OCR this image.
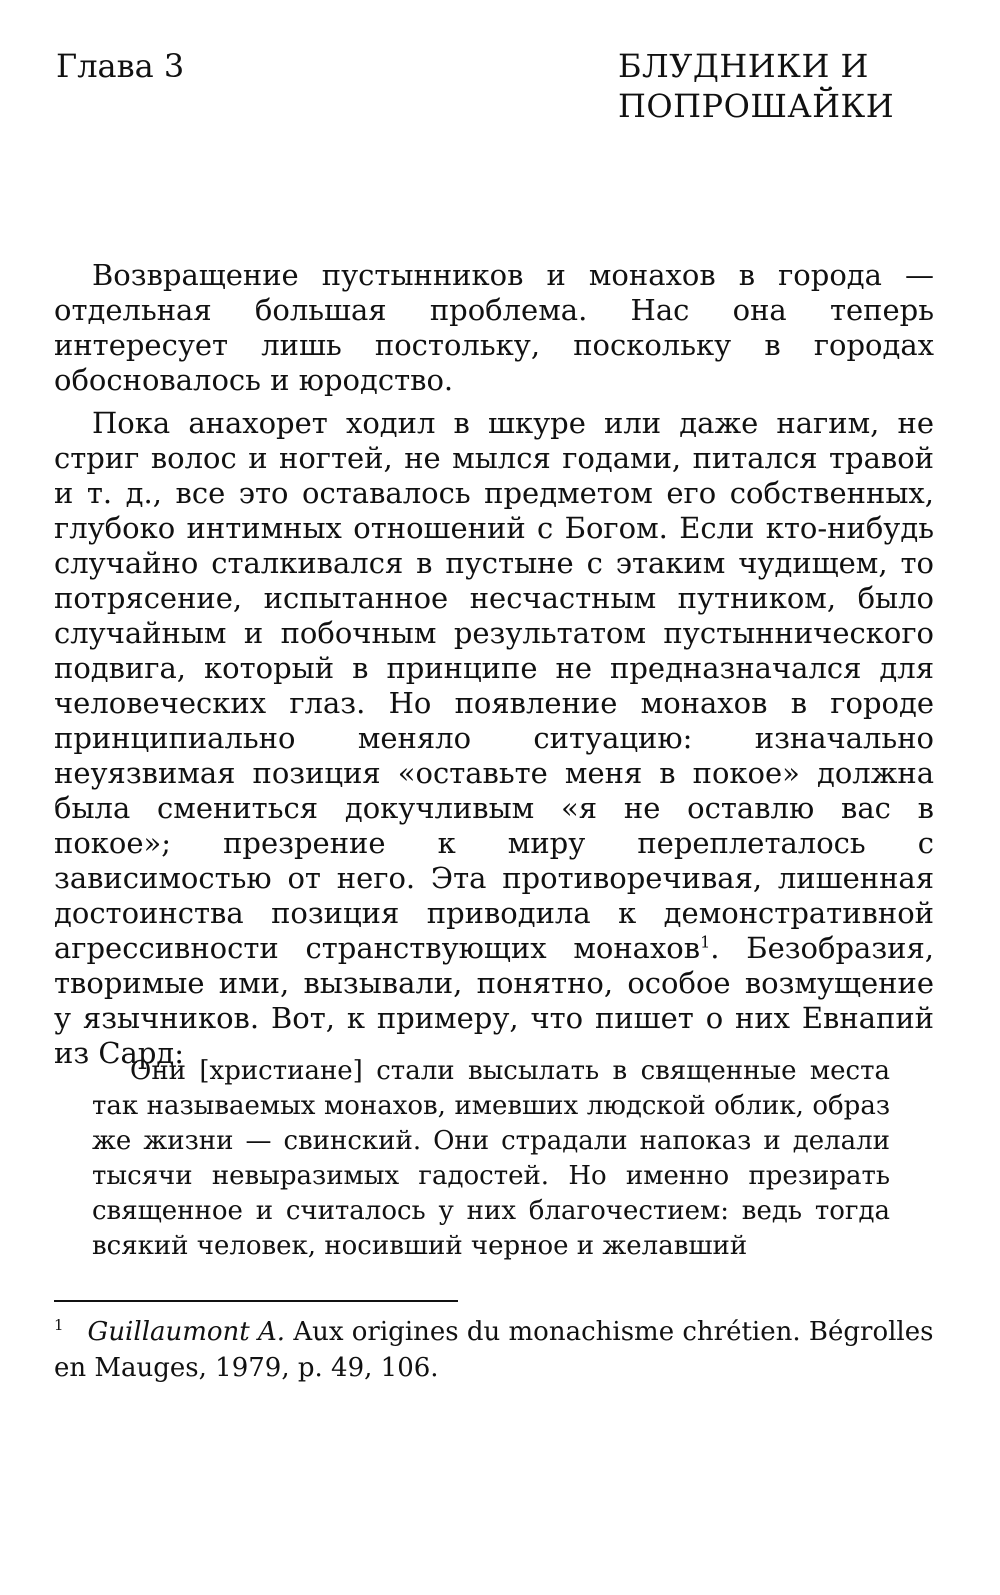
Глава 3	БЛУДНИКИ И ПОПРОШАЙКИ

Возвращение пустынников и монахов в города — отдельная большая проблема. Нас она теперь интересует лишь постольку, поскольку в городах обосновалось и юродство.

Пока анахорет ходил в шкуре или даже нагим, не стриг волос и ногтей, не мылся годами, питался травой и т. д., все это оставалось предметом его собственных, глубоко интимных отношений с Богом. Если кто-нибудь случайно сталкивался в пустыне с этаким чудищем, то потрясение, испытанное несчастным путником, было случайным и побочным результатом пустыннического подвига, который в принципе не предназначался для человеческих глаз. Но появление монахов в городе принципиально меняло ситуацию: изначально неуязвимая позиция «оставьте меня в покое» должна была смениться докучливым «я не оставлю вас в покое»; презрение к миру переплеталось с зависимостью от него. Эта противоречивая, лишенная достоинства позиция приводила к демонстративной агрессивности странствующих монахов$^1$. Безобразия, творимые ими, вызывали, понятно, особое возмущение у язычников. Вот, к примеру, что пишет о них Евнапий из Сард:

Они [христиане] стали высылать в священные места так называемых монахов, имевших людской облик, образ же жизни — свинский. Они страдали напоказ и делали тысячи невыразимых гадостей. Но именно презирать священное и считалось у них благочестием: ведь тогда всякий человек, носивший черное и желавший

$^1$ Guillaumont A. Aux origines du monachisme chrétien. Bégrolles en Mauges, 1979, p. 49, 106.
